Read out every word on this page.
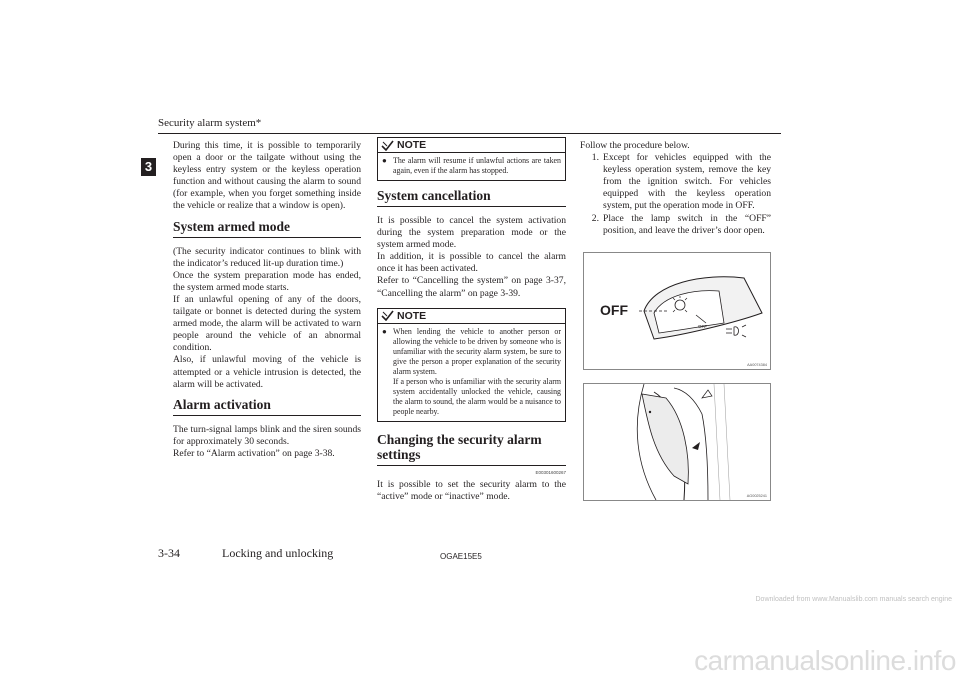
Security alarm system*
3

During this time, it is possible to temporarily open a door or the tailgate without using the keyless entry system or the keyless operation function and without causing the alarm to sound (for example, when you forget something inside the vehicle or realize that a window is open).

System armed mode

(The security indicator continues to blink with the indicator’s reduced lit-up duration time.)

Once the system preparation mode has ended, the system armed mode starts.

If an unlawful opening of any of the doors, tailgate or bonnet is detected during the system armed mode, the alarm will be activated to warn people around the vehicle of an abnormal condition.

Also, if unlawful moving of the vehicle is attempted or a vehicle intrusion is detected, the alarm will be activated.

Alarm activation

The turn-signal lamps blink and the siren sounds for approximately 30 seconds.

Refer to “Alarm activation” on page 3-38.

NOTE
● The alarm will resume if unlawful actions are taken again, even if the alarm has stopped.
System cancellation

It is possible to cancel the system activation during the system preparation mode or the system armed mode.

In addition, it is possible to cancel the alarm once it has been activated.

Refer to “Cancelling the system” on page 3-37, “Cancelling the alarm” on page 3-39.

NOTE
● When lending the vehicle to another person or allowing the vehicle to be driven by someone who is unfamiliar with the security alarm system, be sure to give the person a proper explanation of the security alarm system.
If a person who is unfamiliar with the security alarm system accidentally unlocked the vehicle, causing the alarm to sound, the alarm would be a nuisance to people nearby.
Changing the security alarm settings
E00301600267

It is possible to set the security alarm to the “active” mode or “inactive” mode.

Follow the procedure below.

1. Except for vehicles equipped with the keyless operation system, remove the key from the ignition switch. For vehicles equipped with the keyless operation system, put the operation mode in OFF.
2. Place the lamp switch in the “OFF” position, and leave the driver’s door open.
OFF
OFF
AA0074384
AG0025241
3-34	Locking and unlocking	OGAE15E5
Downloaded from www.Manualslib.com manuals search engine
carmanualsonline.info
